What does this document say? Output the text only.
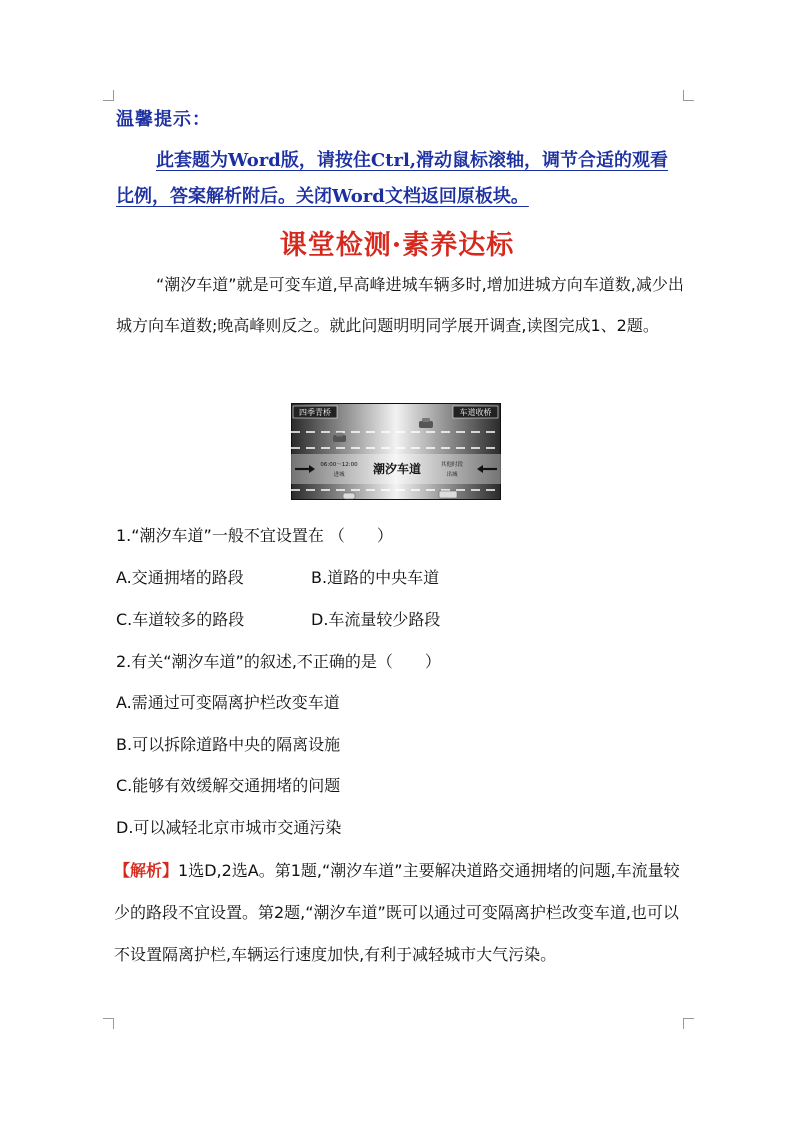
温馨提示：
此套题为Word版，请按住Ctrl,滑动鼠标滚轴，调节合适的观看比例，答案解析附后。关闭Word文档返回原板块。
课堂检测·素养达标
“潮汐车道”就是可变车道,早高峰进城车辆多时,增加进城方向车道数,减少出城方向车道数;晚高峰则反之。就此问题明明同学展开调查,读图完成1、2题。
四季青桥	车道收桥
06:00～12:00
进城 潮汐车道	其他时段
出城
1.“潮汐车道”一般不宜设置在 （　　）
A.交通拥堵的路段	B.道路的中央车道
C.车道较多的路段	D.车流量较少路段
2.有关“潮汐车道”的叙述,不正确的是（　　）
A.需通过可变隔离护栏改变车道
B.可以拆除道路中央的隔离设施
C.能够有效缓解交通拥堵的问题
D.可以减轻北京市城市交通污染
【解析】1选D,2选A。第1题,“潮汐车道”主要解决道路交通拥堵的问题,车流量较少的路段不宜设置。第2题,“潮汐车道”既可以通过可变隔离护栏改变车道,也可以不设置隔离护栏,车辆运行速度加快,有利于减轻城市大气污染。
